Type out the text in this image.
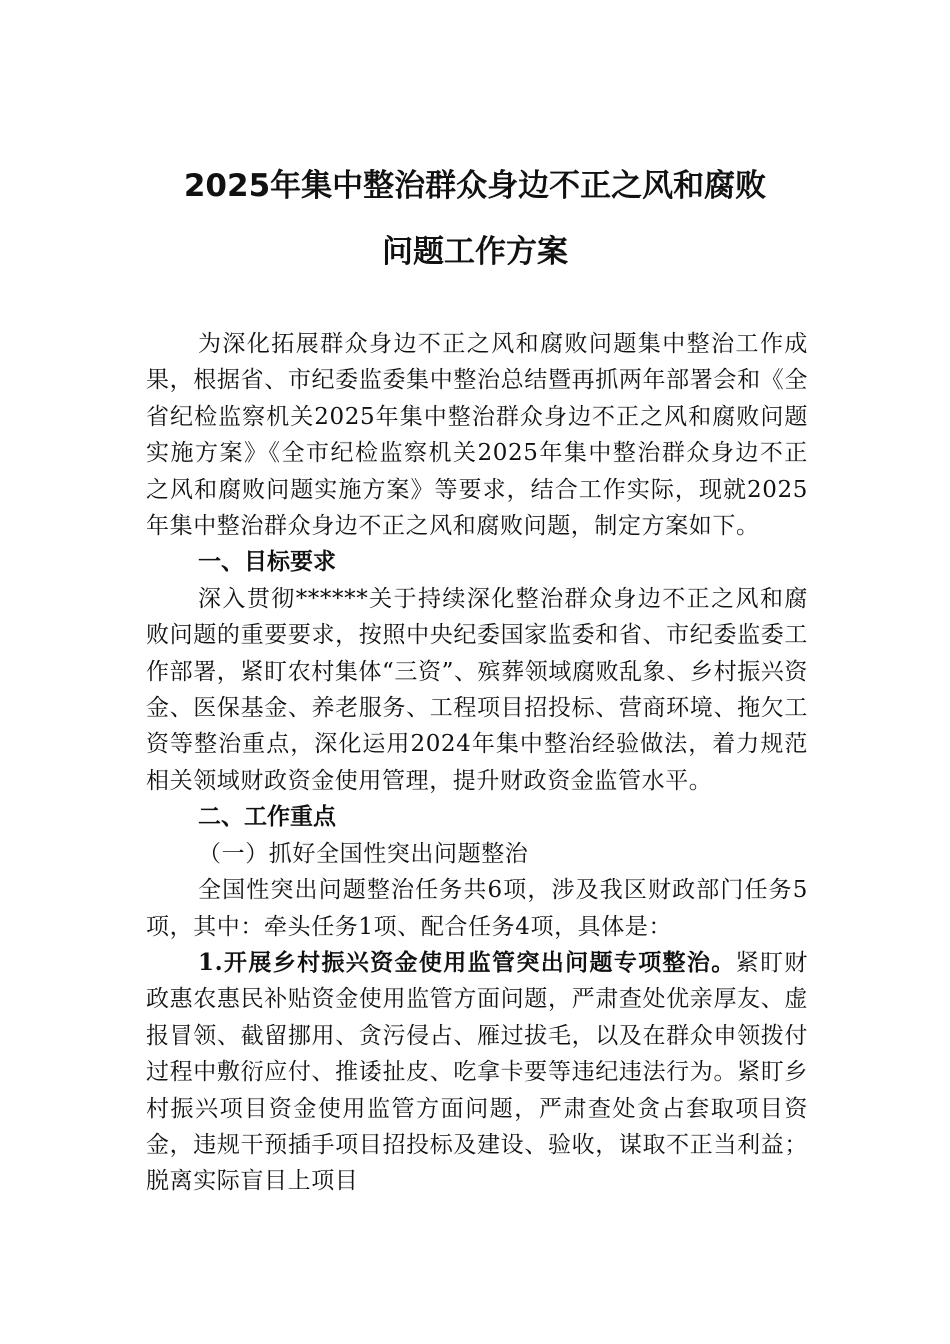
2025年集中整治群众身边不正之风和腐败
问题工作方案

为深化拓展群众身边不正之风和腐败问题集中整治工作成果，根据省、市纪委监委集中整治总结暨再抓两年部署会和《全省纪检监察机关2025年集中整治群众身边不正之风和腐败问题实施方案》《全市纪检监察机关2025年集中整治群众身边不正之风和腐败问题实施方案》等要求，结合工作实际，现就2025年集中整治群众身边不正之风和腐败问题，制定方案如下。

一、目标要求

深入贯彻******关于持续深化整治群众身边不正之风和腐败问题的重要要求，按照中央纪委国家监委和省、市纪委监委工作部署，紧盯农村集体“三资”、殡葬领域腐败乱象、乡村振兴资金、医保基金、养老服务、工程项目招投标、营商环境、拖欠工资等整治重点，深化运用2024年集中整治经验做法，着力规范相关领域财政资金使用管理，提升财政资金监管水平。

二、工作重点

（一）抓好全国性突出问题整治

全国性突出问题整治任务共6项，涉及我区财政部门任务5项，其中：牵头任务1项、配合任务4项，具体是：

1.开展乡村振兴资金使用监管突出问题专项整治。紧盯财政惠农惠民补贴资金使用监管方面问题，严肃查处优亲厚友、虚报冒领、截留挪用、贪污侵占、雁过拔毛，以及在群众申领拨付过程中敷衍应付、推诿扯皮、吃拿卡要等违纪违法行为。紧盯乡村振兴项目资金使用监管方面问题，严肃查处贪占套取项目资金，违规干预插手项目招投标及建设、验收，谋取不正当利益；脱离实际盲目上项目
